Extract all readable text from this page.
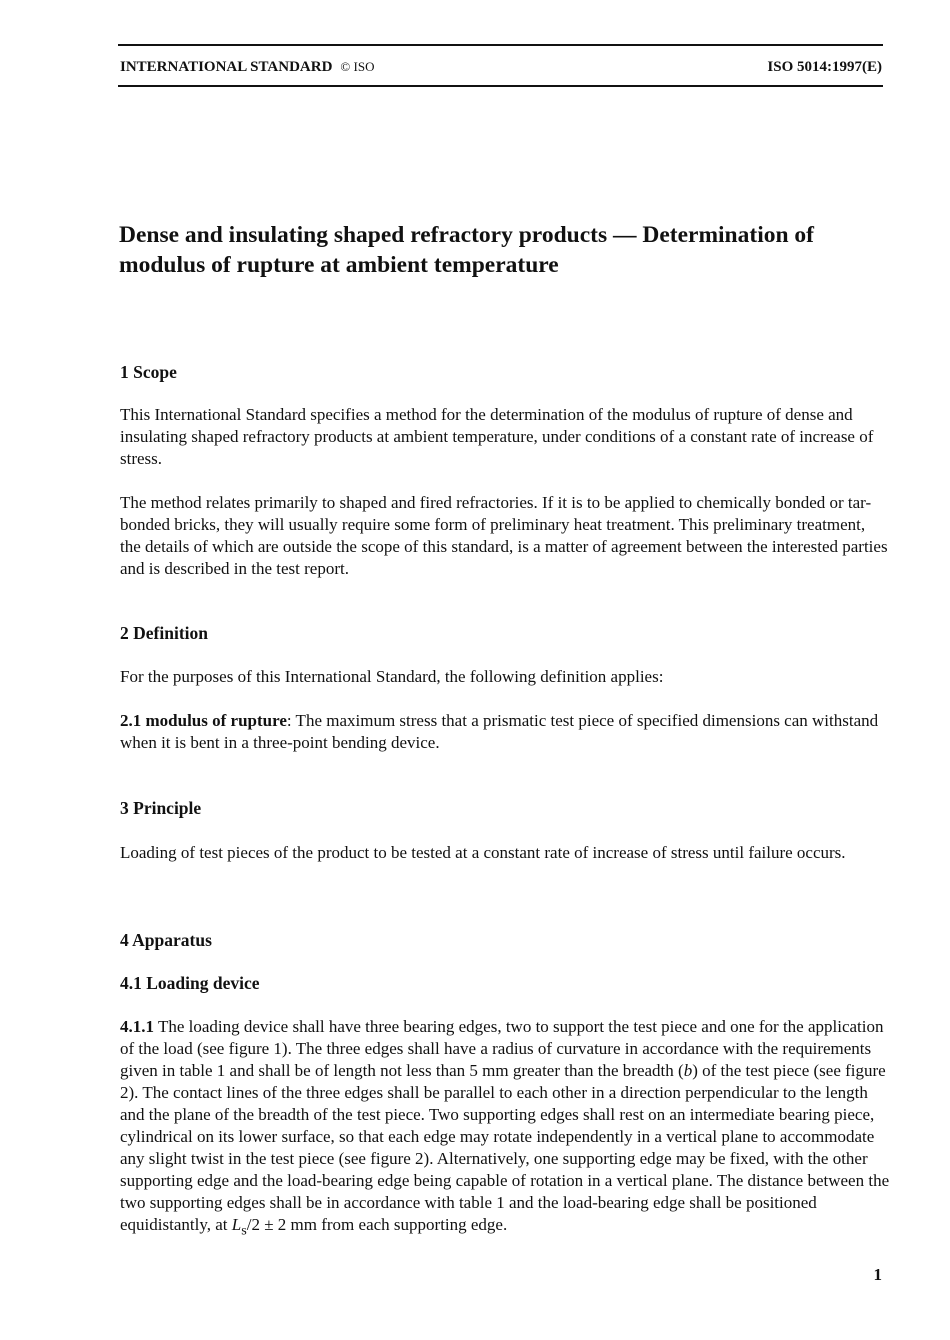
INTERNATIONAL STANDARD © ISO	ISO 5014:1997(E)
Dense and insulating shaped refractory products — Determination of modulus of rupture at ambient temperature
1 Scope

This International Standard specifies a method for the determination of the modulus of rupture of dense and insulating shaped refractory products at ambient temperature, under conditions of a constant rate of increase of stress.

The method relates primarily to shaped and fired refractories. If it is to be applied to chemically bonded or tar-bonded bricks, they will usually require some form of preliminary heat treatment. This preliminary treatment, the details of which are outside the scope of this standard, is a matter of agreement between the interested parties and is described in the test report.

2 Definition

For the purposes of this International Standard, the following definition applies:

2.1 modulus of rupture: The maximum stress that a prismatic test piece of specified dimensions can withstand when it is bent in a three-point bending device.

3 Principle

Loading of test pieces of the product to be tested at a constant rate of increase of stress until failure occurs.

4 Apparatus
4.1 Loading device

4.1.1 The loading device shall have three bearing edges, two to support the test piece and one for the application of the load (see figure 1). The three edges shall have a radius of curvature in accordance with the requirements given in table 1 and shall be of length not less than 5 mm greater than the breadth (b) of the test piece (see figure 2). The contact lines of the three edges shall be parallel to each other in a direction perpendicular to the length and the plane of the breadth of the test piece. Two supporting edges shall rest on an intermediate bearing piece, cylindrical on its lower surface, so that each edge may rotate independently in a vertical plane to accommodate any slight twist in the test piece (see figure 2). Alternatively, one supporting edge may be fixed, with the other supporting edge and the load-bearing edge being capable of rotation in a vertical plane. The distance between the two supporting edges shall be in accordance with table 1 and the load-bearing edge shall be positioned equidistantly, at $L_s/2 \pm 2$ mm from each supporting edge.

1
